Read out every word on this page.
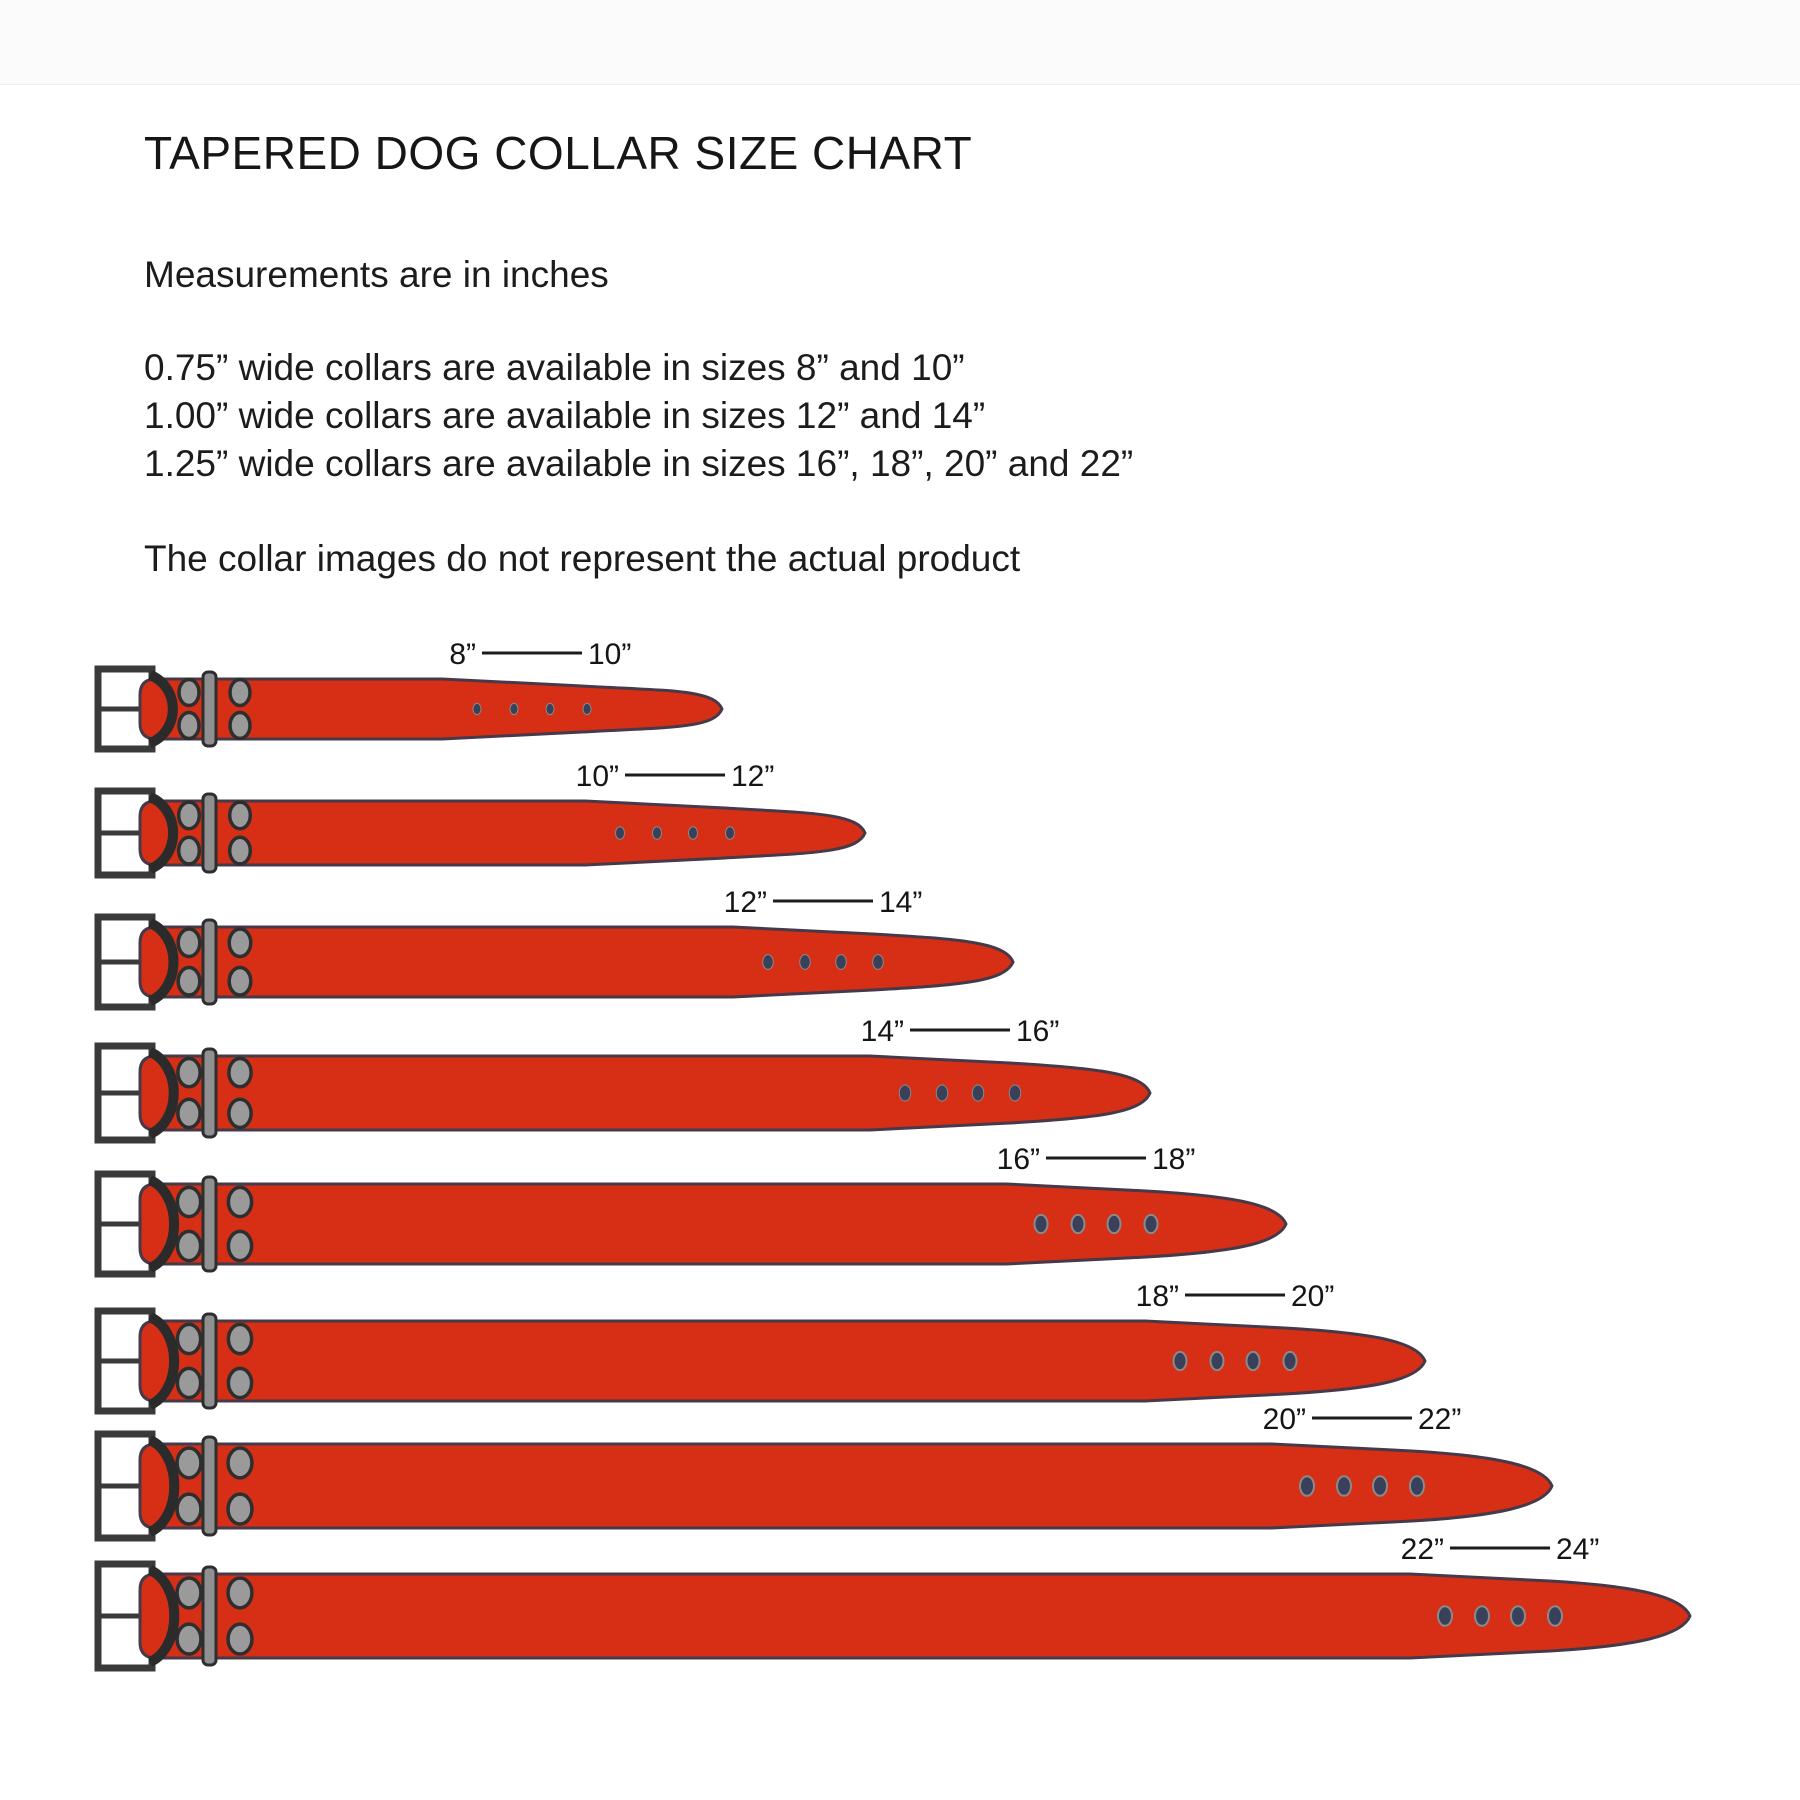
TAPERED DOG COLLAR SIZE CHART
Measurements are in inches
0.75” wide collars are available in sizes 8” and 10”
1.00” wide collars are available in sizes 12” and 14”
1.25” wide collars are available in sizes 16”, 18”, 20” and 22”
The collar images do not represent the actual product
8”	10”
10”	12”
12”	14”
14”	16”
16”	18”
18”	20”
20”	22”
22”	24”
